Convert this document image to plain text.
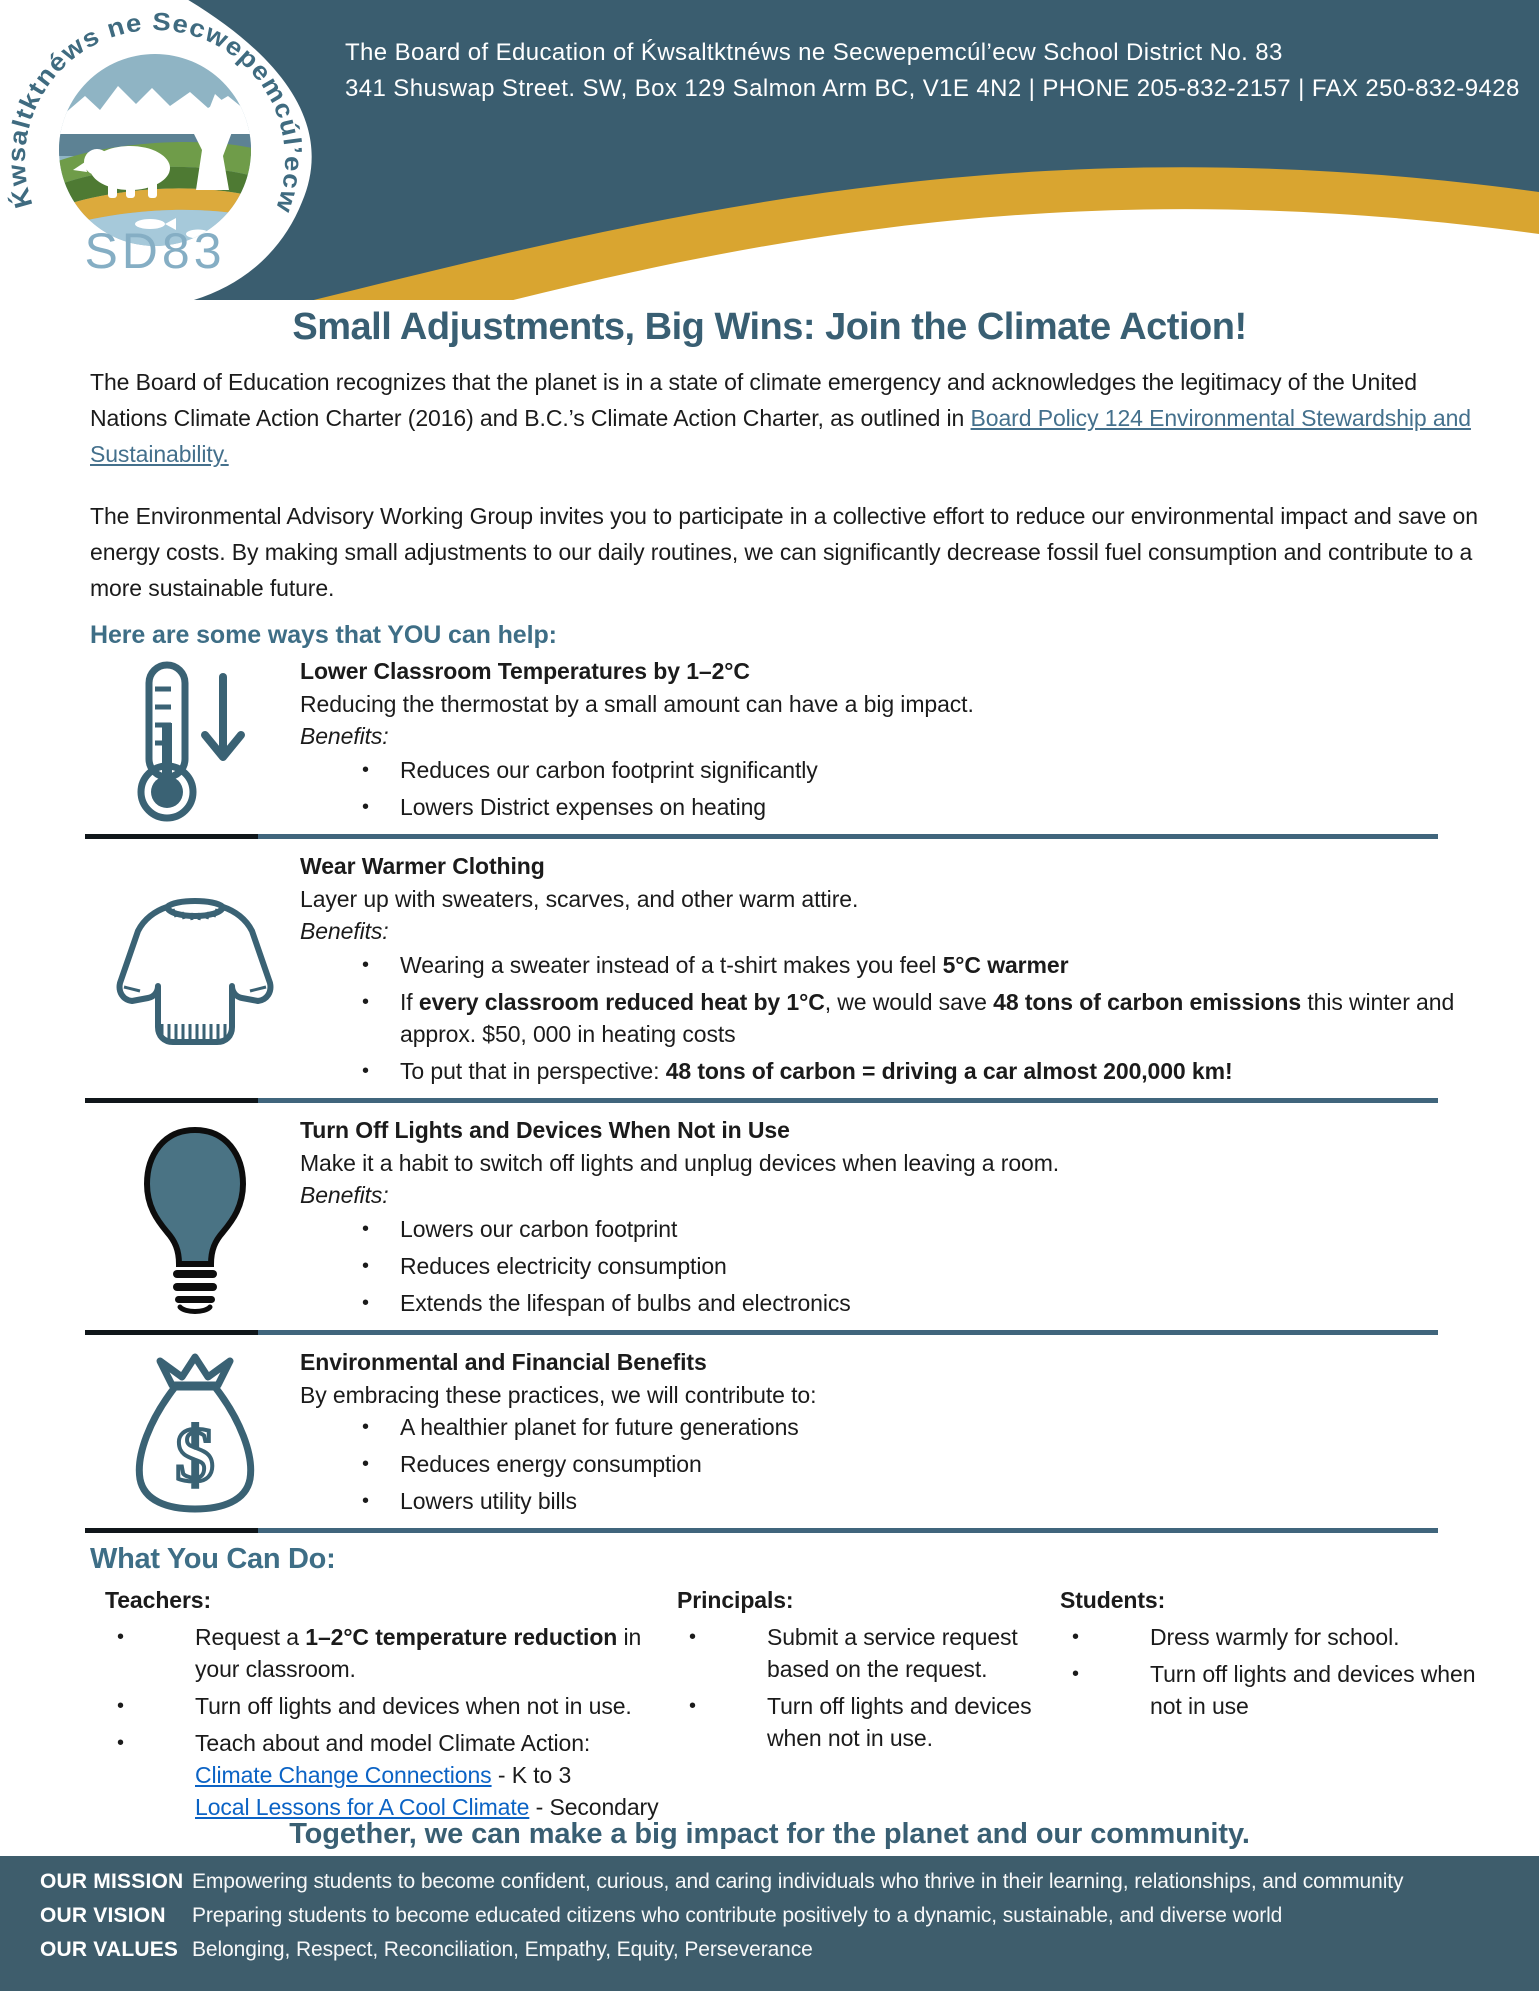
Ḱwsaltktnéws ne Secwepemcúl’ecw
SD83
The Board of Education of Ḱwsaltktnéws ne Secwepemcúl’ecw School District No. 83
341 Shuswap Street. SW, Box 129 Salmon Arm BC, V1E 4N2 | PHONE 205-832-2157 | FAX 250-832-9428
Small Adjustments, Big Wins: Join the Climate Action!

The Board of Education recognizes that the planet is in a state of climate emergency and acknowledges the legitimacy of the United Nations Climate Action Charter (2016) and B.C.’s Climate Action Charter, as outlined in Board Policy 124 Environmental Stewardship and Sustainability.

The Environmental Advisory Working Group invites you to participate in a collective effort to reduce our environmental impact and save on energy costs. By making small adjustments to our daily routines, we can significantly decrease fossil fuel consumption and contribute to a more sustainable future.

Here are some ways that YOU can help:
Lower Classroom Temperatures by 1–2°C
Reducing the thermostat by a small amount can have a big impact.
Benefits:
• Reduces our carbon footprint significantly
• Lowers District expenses on heating
Wear Warmer Clothing
Layer up with sweaters, scarves, and other warm attire.
Benefits:
• Wearing a sweater instead of a t-shirt makes you feel 5°C warmer
• If every classroom reduced heat by 1°C, we would save 48 tons of carbon emissions this winter and approx. $50, 000 in heating costs
• To put that in perspective: 48 tons of carbon = driving a car almost 200,000 km!
Turn Off Lights and Devices When Not in Use
Make it a habit to switch off lights and unplug devices when leaving a room.
Benefits:
• Lowers our carbon footprint
• Reduces electricity consumption
• Extends the lifespan of bulbs and electronics
$
Environmental and Financial Benefits
By embracing these practices, we will contribute to:
• A healthier planet for future generations
• Reduces energy consumption
• Lowers utility bills
What You Can Do:
Teachers:
•	Request a 1–2°C temperature reduction in your classroom.
•	Turn off lights and devices when not in use.
•	Teach about and model Climate Action:
Climate Change Connections - K to 3
Local Lessons for A Cool Climate - Secondary
Principals:
•	Submit a service request based on the request.
•	Turn off lights and devices when not in use.
Students:
•	Dress warmly for school.
•	Turn off lights and devices when not in use
Together, we can make a big impact for the planet and our community.
OUR MISSION Empowering students to become confident, curious, and caring individuals who thrive in their learning, relationships, and community
OUR VISION	Preparing students to become educated citizens who contribute positively to a dynamic, sustainable, and diverse world
OUR VALUES Belonging, Respect, Reconciliation, Empathy, Equity, Perseverance
